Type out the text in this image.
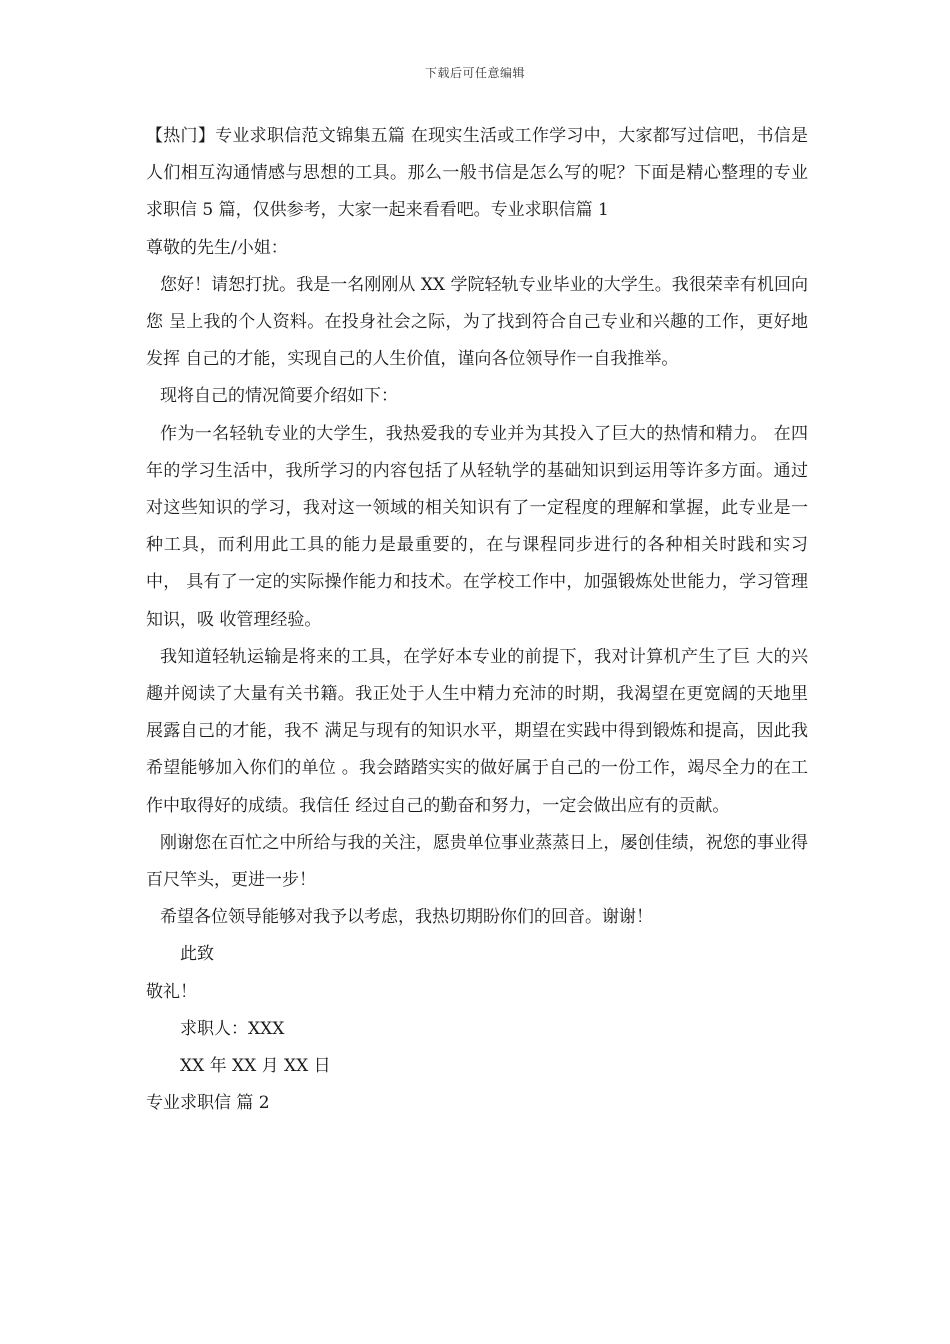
下载后可任意编辑

【热门】专业求职信范文锦集五篇 在现实生活或工作学习中，大家都写过信吧，书信是人们相互沟通情感与思想的工具。那么一般书信是怎么写的呢？下面是精心整理的专业求职信 5 篇，仅供参考，大家一起来看看吧。专业求职信篇 1

尊敬的先生/小姐：

您好！请恕打扰。我是一名刚刚从 XX 学院轻轨专业毕业的大学生。我很荣幸有机回向您 呈上我的个人资料。在投身社会之际，为了找到符合自己专业和兴趣的工作，更好地发挥 自己的才能，实现自己的人生价值，谨向各位领导作一自我推举。

现将自己的情况简要介绍如下：

作为一名轻轨专业的大学生，我热爱我的专业并为其投入了巨大的热情和精力。 在四年的学习生活中，我所学习的内容包括了从轻轨学的基础知识到运用等许多方面。通过对这些知识的学习，我对这一领域的相关知识有了一定程度的理解和掌握，此专业是一 种工具，而利用此工具的能力是最重要的，在与课程同步进行的各种相关时践和实习中， 具有了一定的实际操作能力和技术。在学校工作中，加强锻炼处世能力，学习管理知识，吸 收管理经验。

我知道轻轨运输是将来的工具，在学好本专业的前提下，我对计算机产生了巨 大的兴趣并阅读了大量有关书籍。我正处于人生中精力充沛的时期，我渴望在更宽阔的天地里展露自己的才能，我不 满足与现有的知识水平，期望在实践中得到锻炼和提高，因此我希望能够加入你们的单位 。我会踏踏实实的做好属于自己的一份工作，竭尽全力的在工作中取得好的成绩。我信任 经过自己的勤奋和努力，一定会做出应有的贡献。

刚谢您在百忙之中所给与我的关注，愿贵单位事业蒸蒸日上，屡创佳绩，祝您的事业得百尺竿头，更进一步！

希望各位领导能够对我予以考虑，我热切期盼你们的回音。谢谢！

此致

敬礼！

求职人：XXX

XX 年 XX 月 XX 日

专业求职信 篇 2
